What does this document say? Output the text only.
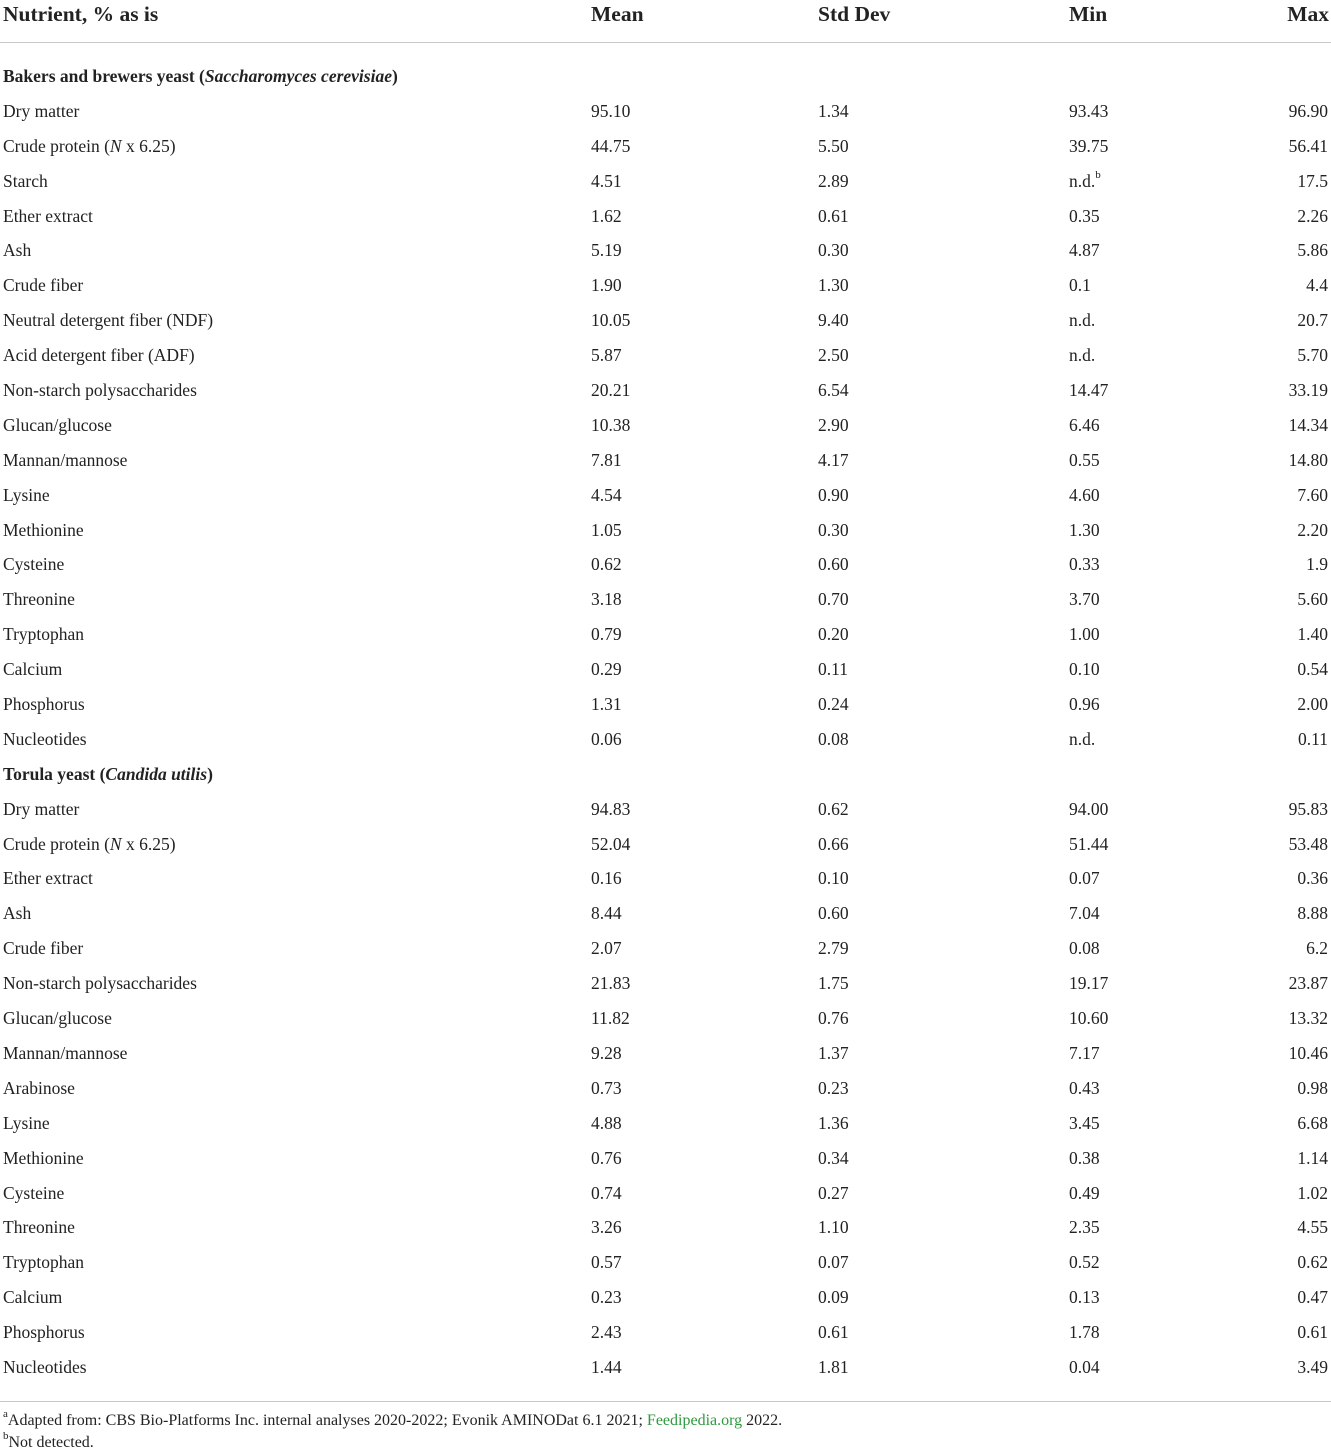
Nutrient, % as is	Mean	Std Dev	Min	Max
Bakers and brewers yeast (Saccharomyces cerevisiae)
Dry matter	95.10	1.34	93.43	96.90
Crude protein (N x 6.25)	44.75	5.50	39.75	56.41
Starch	4.51	2.89	n.d.$^b$	17.5
Ether extract	1.62	0.61	0.35	2.26
Ash	5.19	0.30	4.87	5.86
Crude fiber	1.90	1.30	0.1	4.4
Neutral detergent fiber (NDF)	10.05	9.40	n.d.	20.7
Acid detergent fiber (ADF)	5.87	2.50	n.d.	5.70
Non-starch polysaccharides	20.21	6.54	14.47	33.19
Glucan/glucose	10.38	2.90	6.46	14.34
Mannan/mannose	7.81	4.17	0.55	14.80
Lysine	4.54	0.90	4.60	7.60
Methionine	1.05	0.30	1.30	2.20
Cysteine	0.62	0.60	0.33	1.9
Threonine	3.18	0.70	3.70	5.60
Tryptophan	0.79	0.20	1.00	1.40
Calcium	0.29	0.11	0.10	0.54
Phosphorus	1.31	0.24	0.96	2.00
Nucleotides	0.06	0.08	n.d.	0.11
Torula yeast (Candida utilis)
Dry matter	94.83	0.62	94.00	95.83
Crude protein (N x 6.25)	52.04	0.66	51.44	53.48
Ether extract	0.16	0.10	0.07	0.36
Ash	8.44	0.60	7.04	8.88
Crude fiber	2.07	2.79	0.08	6.2
Non-starch polysaccharides	21.83	1.75	19.17	23.87
Glucan/glucose	11.82	0.76	10.60	13.32
Mannan/mannose	9.28	1.37	7.17	10.46
Arabinose	0.73	0.23	0.43	0.98
Lysine	4.88	1.36	3.45	6.68
Methionine	0.76	0.34	0.38	1.14
Cysteine	0.74	0.27	0.49	1.02
Threonine	3.26	1.10	2.35	4.55
Tryptophan	0.57	0.07	0.52	0.62
Calcium	0.23	0.09	0.13	0.47
Phosphorus	2.43	0.61	1.78	0.61
Nucleotides	1.44	1.81	0.04	3.49
$^a$Adapted from: CBS Bio-Platforms Inc. internal analyses 2020-2022; Evonik AMINODat 6.1 2021; Feedipedia.org 2022.
$^b$Not detected.
